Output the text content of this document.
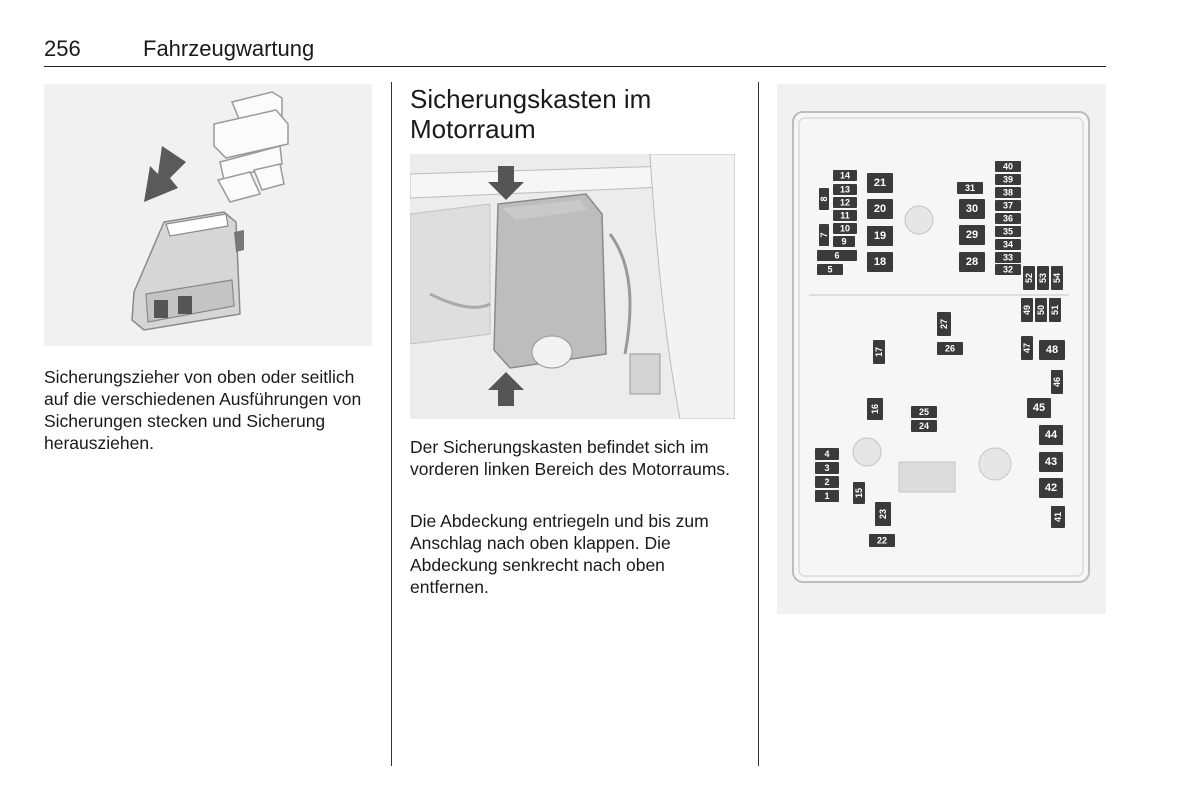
256	Fahrzeugwartung

Sicherungszieher von oben oder seitlich auf die verschiedenen Ausführungen von Sicherungen stecken und Sicherung herausziehen.

Sicherungskasten im Motorraum

Der Sicherungskasten befindet sich im vorderen linken Bereich des Motorraums.

Die Abdeckung entriegeln und bis zum Anschlag nach oben klappen. Die Abdeckung senkrecht nach oben entfernen.

1
2
3
4
5
6
7
8
9
10
11
12
13
14
15
16
17
18
19
20
21
22
23
24
25
26
27
28
29
30
31
32
33
34
35
36
37
38
39
40
41
42
43
44
45
46
47 48
49 50 51
52 53 54
